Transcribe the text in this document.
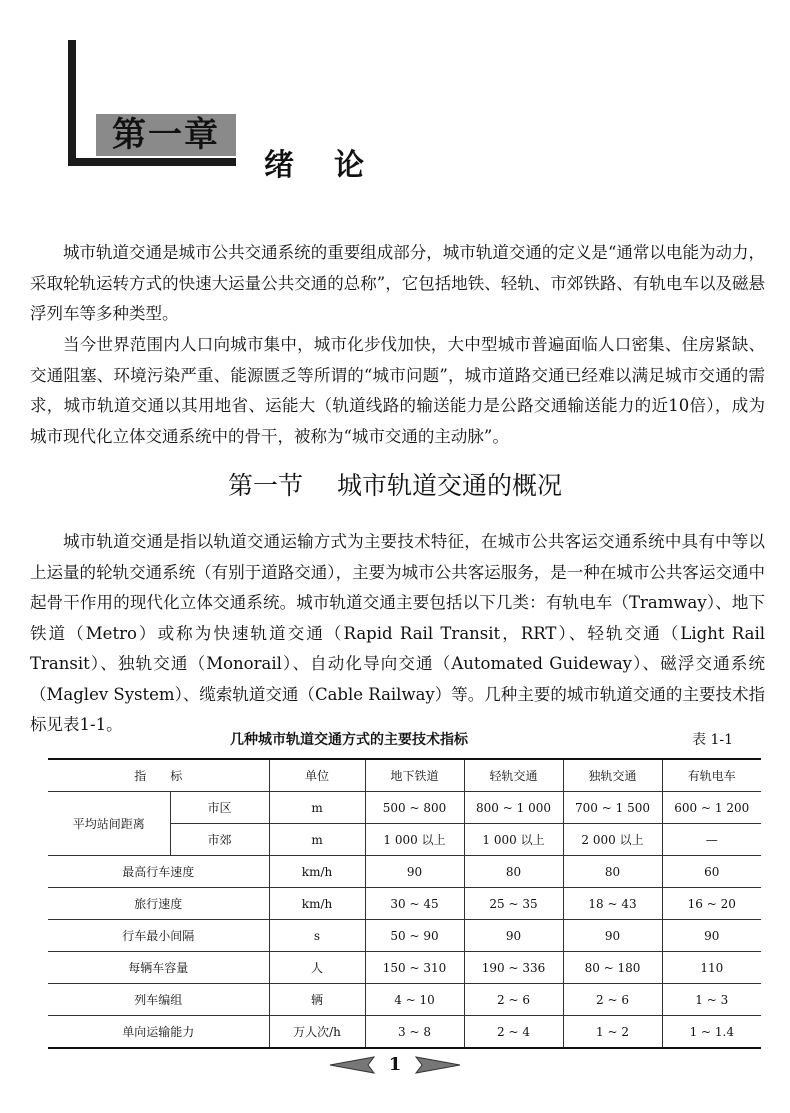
第一章
绪论

城市轨道交通是城市公共交通系统的重要组成部分，城市轨道交通的定义是“通常以电能为动力，采取轮轨运转方式的快速大运量公共交通的总称”，它包括地铁、轻轨、市郊铁路、有轨电车以及磁悬浮列车等多种类型。

当今世界范围内人口向城市集中，城市化步伐加快，大中型城市普遍面临人口密集、住房紧缺、交通阻塞、环境污染严重、能源匮乏等所谓的“城市问题”，城市道路交通已经难以满足城市交通的需求，城市轨道交通以其用地省、运能大（轨道线路的输送能力是公路交通输送能力的近10倍），成为城市现代化立体交通系统中的骨干，被称为“城市交通的主动脉”。

第一节 城市轨道交通的概况

城市轨道交通是指以轨道交通运输方式为主要技术特征，在城市公共客运交通系统中具有中等以上运量的轮轨交通系统（有别于道路交通），主要为城市公共客运服务，是一种在城市公共客运交通中起骨干作用的现代化立体交通系统。城市轨道交通主要包括以下几类：有轨电车（Tramway）、地下铁道（Metro）或称为快速轨道交通（Rapid Rail Transit，RRT）、轻轨交通（Light Rail Transit）、独轨交通（Monorail）、自动化导向交通（Automated Guideway）、磁浮交通系统（Maglev System）、缆索轨道交通（Cable Railway）等。几种主要的城市轨道交通的主要技术指标见表1-1。

几种城市轨道交通方式的主要技术指标	表 1-1
指　　标		单位	地下铁道	轻轨交通	独轨交通	有轨电车
平均站间距离	市区	m	500 ~ 800	800 ~ 1 000	700 ~ 1 500	600 ~ 1 200
	市郊	m	1 000 以上	1 000 以上	2 000 以上	—
最高行车速度		km/h	90	80	80	60
旅行速度		km/h	30 ~ 45	25 ~ 35	18 ~ 43	16 ~ 20
行车最小间隔		s	50 ~ 90	90	90	90
每辆车容量		人	150 ~ 310	190 ~ 336	80 ~ 180	110
列车编组		辆	4 ~ 10	2 ~ 6	2 ~ 6	1 ~ 3
单向运输能力		万人次/h	3 ~ 8	2 ~ 4	1 ~ 2	1 ~ 1.4
1
